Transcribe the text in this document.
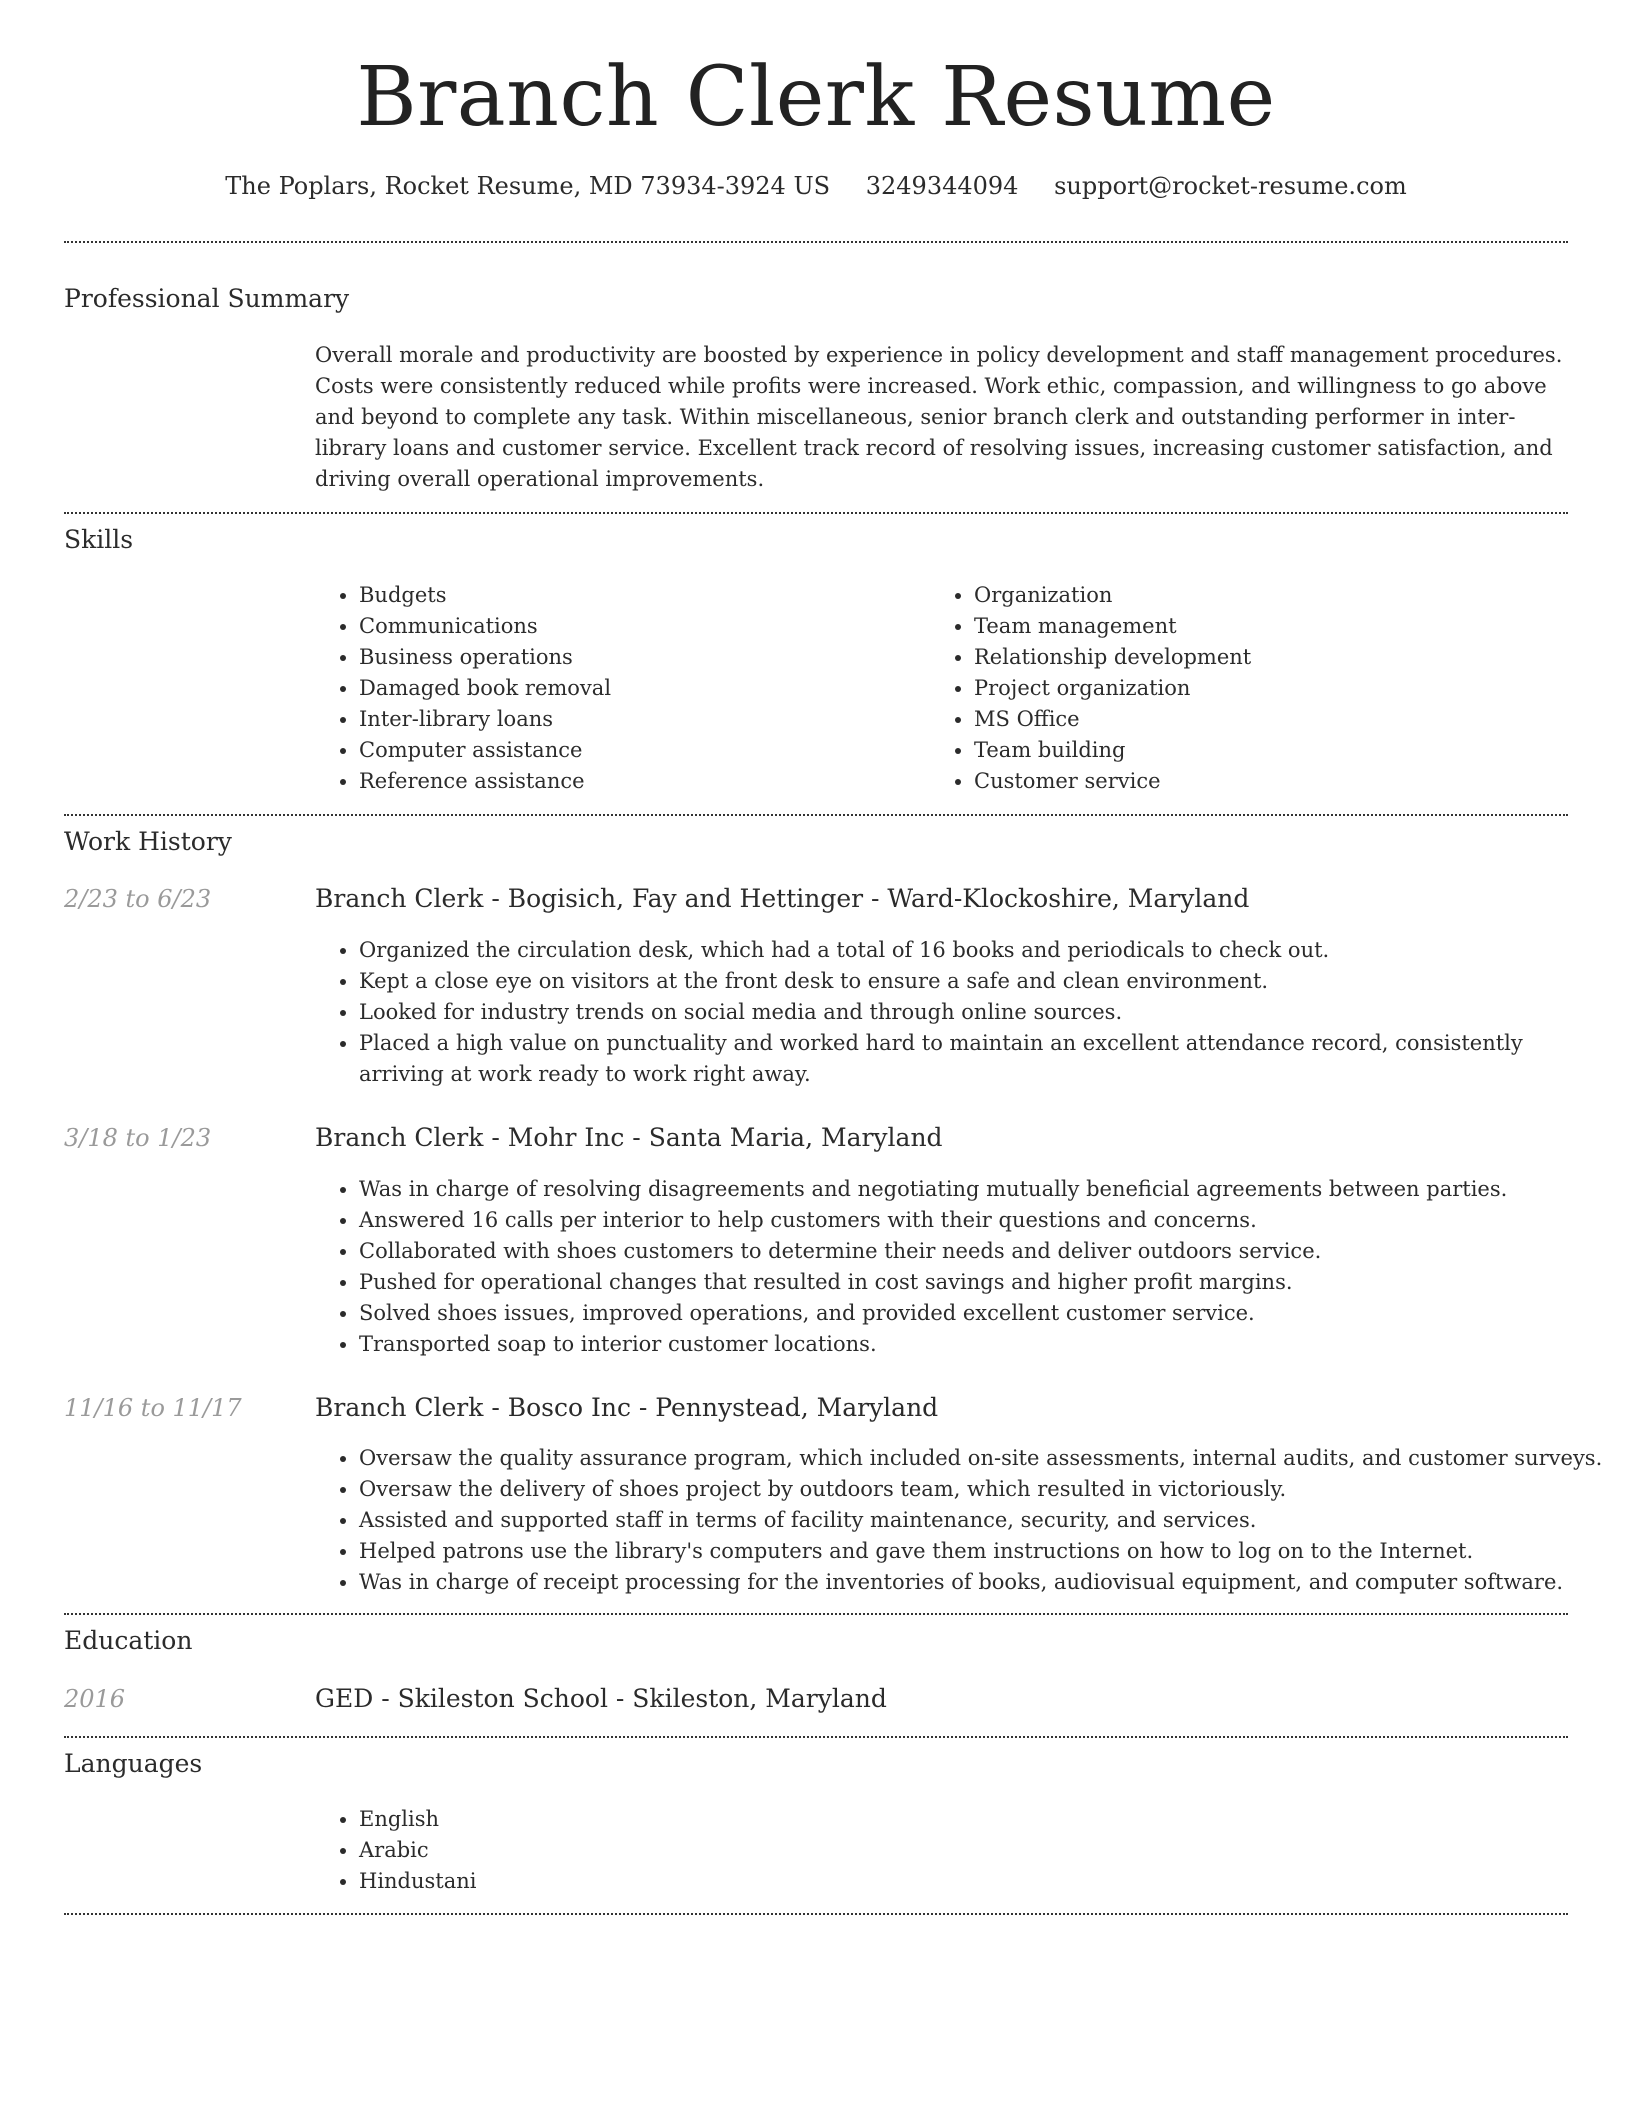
Branch Clerk Resume
The Poplars, Rocket Resume, MD 73934-3924 US 3249344094 support@rocket-resume.com
Professional Summary

Overall morale and productivity are boosted by experience in policy development and staff management procedures. Costs were consistently reduced while profits were increased. Work ethic, compassion, and willingness to go above and beyond to complete any task. Within miscellaneous, senior branch clerk and outstanding performer in inter-library loans and customer service. Excellent track record of resolving issues, increasing customer satisfaction, and driving overall operational improvements.

Skills
• Budgets
• Communications
• Business operations
• Damaged book removal
• Inter-library loans
• Computer assistance
• Reference assistance
• Organization
• Team management
• Relationship development
• Project organization
• MS Office
• Team building
• Customer service
Work History
2/23 to 6/23	Branch Clerk - Bogisich, Fay and Hettinger - Ward-Klockoshire, Maryland
• Organized the circulation desk, which had a total of 16 books and periodicals to check out.
• Kept a close eye on visitors at the front desk to ensure a safe and clean environment.
• Looked for industry trends on social media and through online sources.
• Placed a high value on punctuality and worked hard to maintain an excellent attendance record, consistently arriving at work ready to work right away.
3/18 to 1/23	Branch Clerk - Mohr Inc - Santa Maria, Maryland
• Was in charge of resolving disagreements and negotiating mutually beneficial agreements between parties.
• Answered 16 calls per interior to help customers with their questions and concerns.
• Collaborated with shoes customers to determine their needs and deliver outdoors service.
• Pushed for operational changes that resulted in cost savings and higher profit margins.
• Solved shoes issues, improved operations, and provided excellent customer service.
• Transported soap to interior customer locations.
11/16 to 11/17	Branch Clerk - Bosco Inc - Pennystead, Maryland
• Oversaw the quality assurance program, which included on-site assessments, internal audits, and customer surveys.
• Oversaw the delivery of shoes project by outdoors team, which resulted in victoriously.
• Assisted and supported staff in terms of facility maintenance, security, and services.
• Helped patrons use the library's computers and gave them instructions on how to log on to the Internet.
• Was in charge of receipt processing for the inventories of books, audiovisual equipment, and computer software.
Education
2016	GED - Skileston School - Skileston, Maryland
Languages
• English
• Arabic
• Hindustani
